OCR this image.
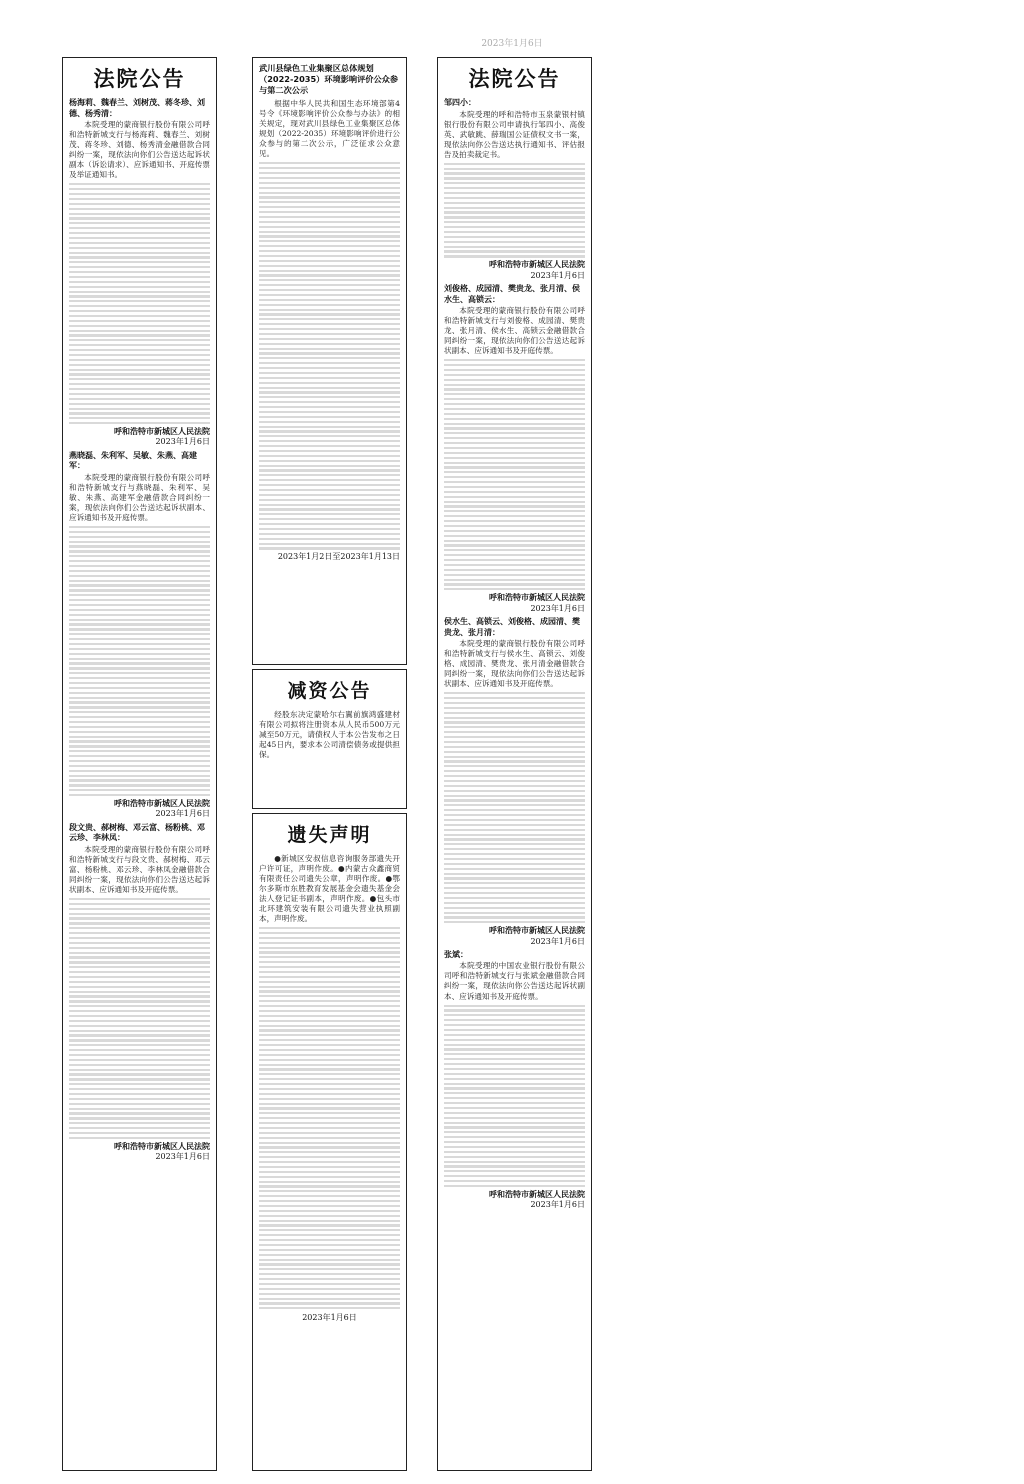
2023年1月6日
法院公告
杨海莉、魏春兰、刘树茂、蒋冬珍、刘德、杨秀清：

本院受理的蒙商银行股份有限公司呼和浩特新城支行与杨海莉、魏春兰、刘树茂、蒋冬珍、刘德、杨秀清金融借款合同纠纷一案，现依法向你们公告送达起诉状副本（诉讼请求）、应诉通知书、开庭传票及举证通知书。

呼和浩特市新城区人民法院
2023年1月6日
燕晓磊、朱利军、吴敏、朱燕、高建军：

本院受理的蒙商银行股份有限公司呼和浩特新城支行与燕晓磊、朱利军、吴敏、朱燕、高建军金融借款合同纠纷一案，现依法向你们公告送达起诉状副本、应诉通知书及开庭传票。

呼和浩特市新城区人民法院
2023年1月6日
段文贵、郝树梅、邓云富、杨粉桃、邓云珍、李林凤：

本院受理的蒙商银行股份有限公司呼和浩特新城支行与段文贵、郝树梅、邓云富、杨粉桃、邓云珍、李林凤金融借款合同纠纷一案，现依法向你们公告送达起诉状副本、应诉通知书及开庭传票。

呼和浩特市新城区人民法院
2023年1月6日
武川县绿色工业集聚区总体规划（2022-2035）环境影响评价公众参与第二次公示

根据中华人民共和国生态环境部第4号令《环境影响评价公众参与办法》的相关规定，现对武川县绿色工业集聚区总体规划（2022-2035）环境影响评价进行公众参与的第二次公示，广泛征求公众意见。

2023年1月2日至2023年1月13日
减资公告

经股东决定蒙哈尔右翼前旗鸿盛建材有限公司拟将注册资本从人民币500万元减至50万元，请债权人于本公告发布之日起45日内，要求本公司清偿债务或提供担保。

遗失声明

●新城区安叔信息咨询服务部遗失开户许可证，声明作废。●内蒙古众鑫商贸有限责任公司遗失公章，声明作废。●鄂尔多斯市东胜教育发展基金会遗失基金会法人登记证书副本，声明作废。●包头市北环建筑安装有限公司遗失营业执照副本，声明作废。

2023年1月6日
法院公告
邹四小：

本院受理的呼和浩特市玉泉蒙银村镇银行股份有限公司申请执行邹四小、高俊英、武敏跳、薛瑞国公证债权文书一案，现依法向你公告送达执行通知书、评估报告及拍卖裁定书。

呼和浩特市新城区人民法院
2023年1月6日
刘俊格、成园清、樊贵龙、张月清、侯水生、高锁云：

本院受理的蒙商银行股份有限公司呼和浩特新城支行与刘俊格、成园清、樊贵龙、张月清、侯水生、高锁云金融借款合同纠纷一案，现依法向你们公告送达起诉状副本、应诉通知书及开庭传票。

呼和浩特市新城区人民法院
2023年1月6日
侯水生、高锁云、刘俊格、成园清、樊贵龙、张月清：

本院受理的蒙商银行股份有限公司呼和浩特新城支行与侯水生、高锁云、刘俊格、成园清、樊贵龙、张月清金融借款合同纠纷一案，现依法向你们公告送达起诉状副本、应诉通知书及开庭传票。

呼和浩特市新城区人民法院
2023年1月6日
张斌：

本院受理的中国农业银行股份有限公司呼和浩特新城支行与张斌金融借款合同纠纷一案，现依法向你公告送达起诉状副本、应诉通知书及开庭传票。

呼和浩特市新城区人民法院
2023年1月6日
